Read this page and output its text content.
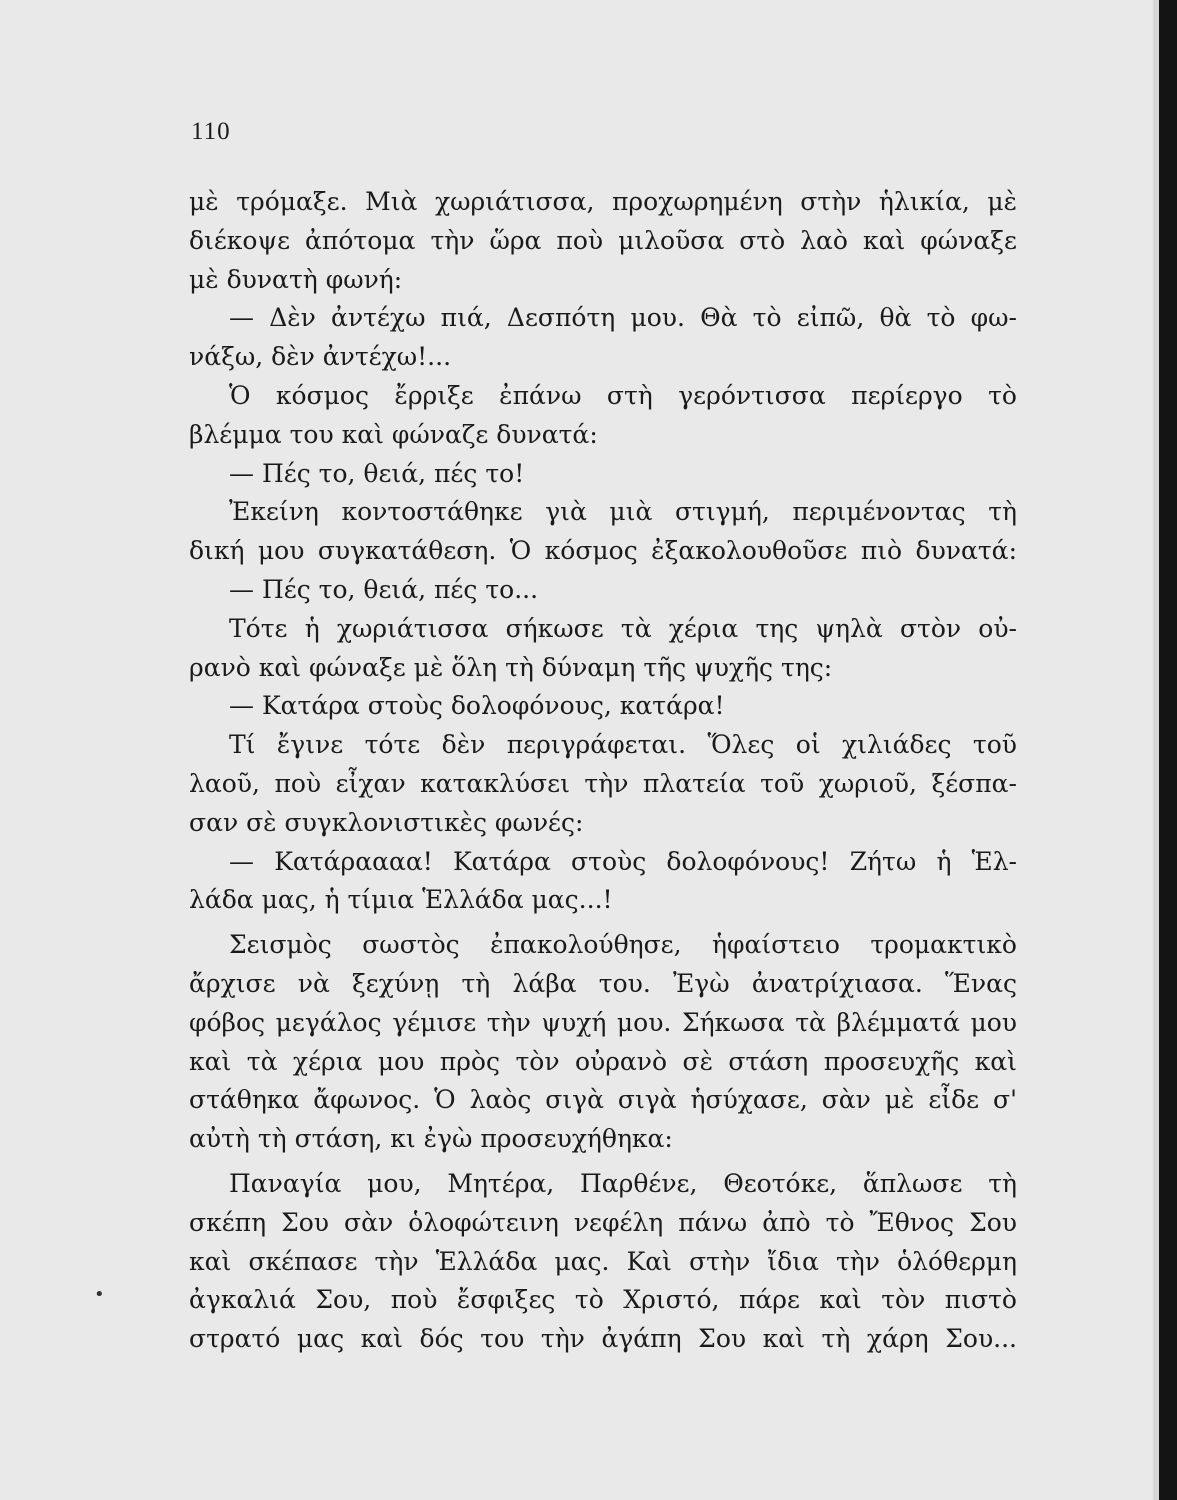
110
μὲ τρόμαξε. Μιὰ χωριάτισσα, προχωρημένη στὴν ἡλικία, μὲ
διέκοψε ἀπότομα τὴν ὥρα ποὺ μιλοῦσα στὸ λαὸ καὶ φώναξε
μὲ δυνατὴ φωνή:
— Δὲν ἀντέχω πιά, Δεσπότη μου. Θὰ τὸ εἰπῶ, θὰ τὸ φω-
νάξω, δὲν ἀντέχω!...
Ὁ κόσμος ἔρριξε ἐπάνω στὴ γερόντισσα περίεργο τὸ
βλέμμα του καὶ φώναζε δυνατά:
— Πές το, θειά, πές το!
Ἐκείνη κοντοστάθηκε γιὰ μιὰ στιγμή, περιμένοντας τὴ
δική μου συγκατάθεση. Ὁ κόσμος ἐξακολουθοῦσε πιὸ δυνατά:
— Πές το, θειά, πές το...
Τότε ἡ χωριάτισσα σήκωσε τὰ χέρια της ψηλὰ στὸν οὐ-
ρανὸ καὶ φώναξε μὲ ὅλη τὴ δύναμη τῆς ψυχῆς της:
— Κατάρα στοὺς δολοφόνους, κατάρα!
Τί ἔγινε τότε δὲν περιγράφεται. Ὅλες οἱ χιλιάδες τοῦ
λαοῦ, ποὺ εἶχαν κατακλύσει τὴν πλατεία τοῦ χωριοῦ, ξέσπα-
σαν σὲ συγκλονιστικὲς φωνές:
— Κατάραααα! Κατάρα στοὺς δολοφόνους! Ζήτω ἡ Ἑλ-
λάδα μας, ἡ τίμια Ἑλλάδα μας...!
Σεισμὸς σωστὸς ἐπακολούθησε, ἡφαίστειο τρομακτικὸ
ἄρχισε νὰ ξεχύνῃ τὴ λάβα του. Ἐγὼ ἀνατρίχιασα. Ἕνας
φόβος μεγάλος γέμισε τὴν ψυχή μου. Σήκωσα τὰ βλέμματά μου
καὶ τὰ χέρια μου πρὸς τὸν οὐρανὸ σὲ στάση προσευχῆς καὶ
στάθηκα ἄφωνος. Ὁ λαὸς σιγὰ σιγὰ ἡσύχασε, σὰν μὲ εἶδε σ'
αὐτὴ τὴ στάση, κι ἐγὼ προσευχήθηκα:
Παναγία μου, Μητέρα, Παρθένε, Θεοτόκε, ἅπλωσε τὴ
σκέπη Σου σὰν ὁλοφώτεινη νεφέλη πάνω ἀπὸ τὸ Ἔθνος Σου
καὶ σκέπασε τὴν Ἑλλάδα μας. Καὶ στὴν ἴδια τὴν ὁλόθερμη
ἀγκαλιά Σου, ποὺ ἔσφιξες τὸ Χριστό, πάρε καὶ τὸν πιστὸ
στρατό μας καὶ δός του τὴν ἀγάπη Σου καὶ τὴ χάρη Σου...
•
